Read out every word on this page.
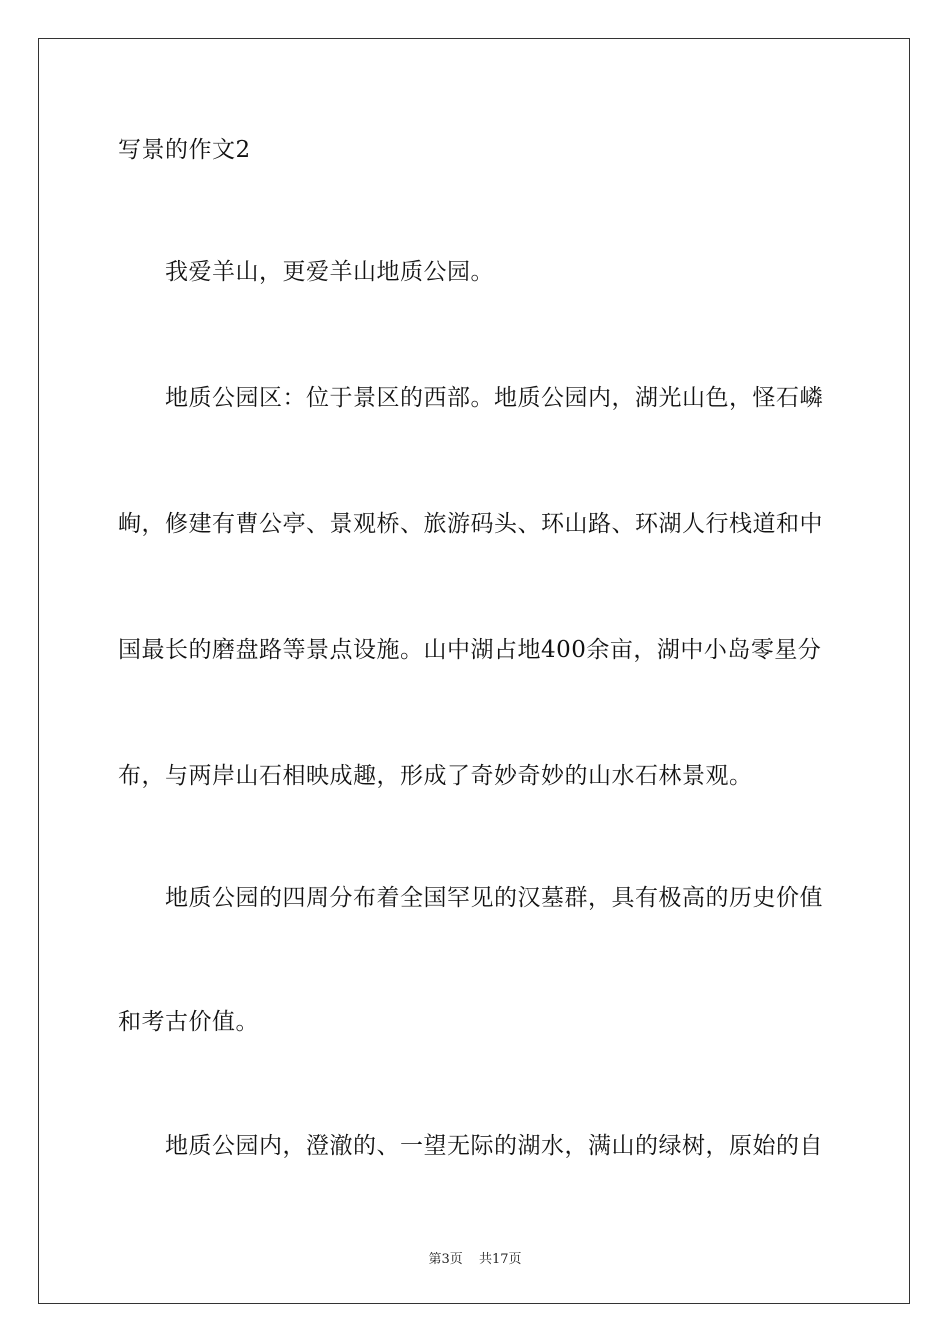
写景的作文2
我爱羊山，更爱羊山地质公园。
地质公园区：位于景区的西部。地质公园内，湖光山色，怪石嶙
峋，修建有曹公亭、景观桥、旅游码头、环山路、环湖人行栈道和中
国最长的磨盘路等景点设施。山中湖占地400余亩，湖中小岛零星分
布，与两岸山石相映成趣，形成了奇妙奇妙的山水石林景观。
地质公园的四周分布着全国罕见的汉墓群，具有极高的历史价值
和考古价值。
地质公园内，澄澈的、一望无际的湖水，满山的绿树，原始的自
第3页 共17页
